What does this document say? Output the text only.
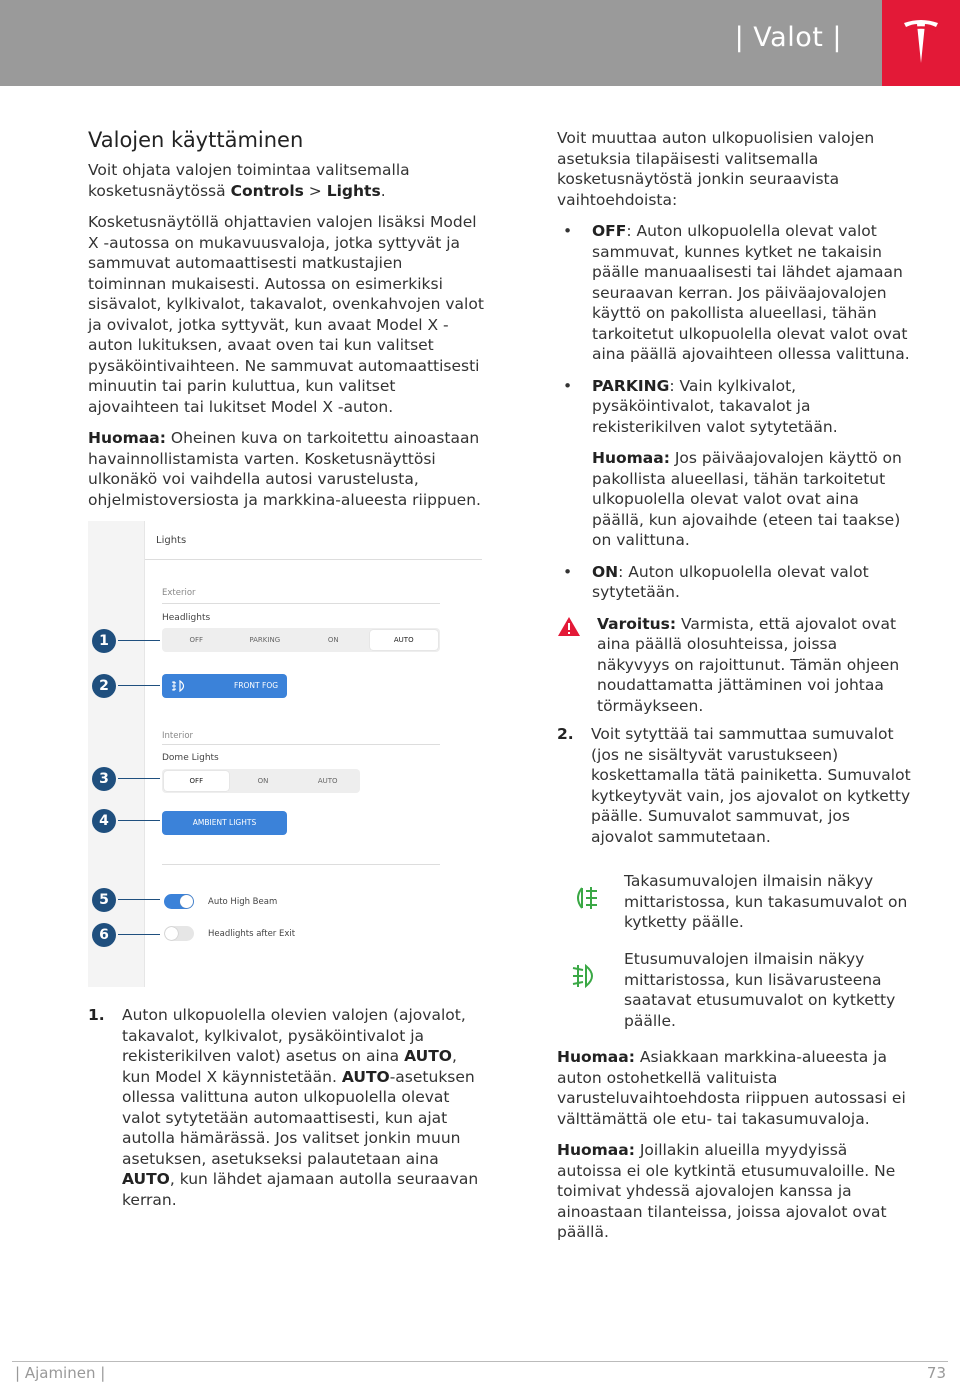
| Valot |
Valojen käyttäminen

Voit ohjata valojen toimintaa valitsemalla kosketusnäytössä Controls > Lights.

Kosketusnäytöllä ohjattavien valojen lisäksi Model X -autossa on mukavuusvaloja, jotka syttyvät ja sammuvat automaattisesti matkustajien toiminnan mukaisesti. Autossa on esimerkiksi sisävalot, kylkivalot, takavalot, ovenkahvojen valot ja ovivalot, jotka syttyvät, kun avaat Model X -auton lukituksen, avaat oven tai kun valitset pysäköintivaihteen. Ne sammuvat automaattisesti minuutin tai parin kuluttua, kun valitset ajovaihteen tai lukitset Model X -auton.

Huomaa: Oheinen kuva on tarkoitettu ainoastaan havainnollistamista varten. Kosketusnäyttösi ulkonäkö voi vaihdella autosi varustelusta, ohjelmistoversiosta ja markkina-alueesta riippuen.

Lights
Exterior
Headlights
OFF	PARKING	ON	AUTO
FRONT FOG
Interior
Dome Lights
OFF	ON	AUTO
AMBIENT LIGHTS
Auto High Beam
Headlights after Exit
1
2
3
4
5
6
1. Auton ulkopuolella olevien valojen (ajovalot, takavalot, kylkivalot, pysäköintivalot ja rekisterikilven valot) asetus on aina AUTO, kun Model X käynnistetään. AUTO-asetuksen ollessa valittuna auton ulkopuolella olevat valot sytytetään automaattisesti, kun ajat autolla hämärässä. Jos valitset jonkin muun asetuksen, asetukseksi palautetaan aina AUTO, kun lähdet ajamaan autolla seuraavan kerran.

Voit muuttaa auton ulkopuolisien valojen asetuksia tilapäisesti valitsemalla kosketusnäytöstä jonkin seuraavista vaihtoehdoista:

• OFF: Auton ulkopuolella olevat valot sammuvat, kunnes kytket ne takaisin päälle manuaalisesti tai lähdet ajamaan seuraavan kerran. Jos päiväajovalojen käyttö on pakollista alueellasi, tähän tarkoitetut ulkopuolella olevat valot ovat aina päällä ajovaihteen ollessa valittuna.
• PARKING: Vain kylkivalot, pysäköintivalot, takavalot ja rekisterikilven valot sytytetään.

Huomaa: Jos päiväajovalojen käyttö on pakollista alueellasi, tähän tarkoitetut ulkopuolella olevat valot ovat aina päällä, kun ajovaihde (eteen tai taakse) on valittuna.

• ON: Auton ulkopuolella olevat valot sytytetään.
Varoitus: Varmista, että ajovalot ovat aina päällä olosuhteissa, joissa näkyvyys on rajoittunut. Tämän ohjeen noudattamatta jättäminen voi johtaa törmäykseen.
2. Voit sytyttää tai sammuttaa sumuvalot (jos ne sisältyvät varustukseen) koskettamalla tätä painiketta. Sumuvalot kytkeytyvät vain, jos ajovalot on kytketty päälle. Sumuvalot sammuvat, jos ajovalot sammutetaan.
Takasumuvalojen ilmaisin näkyy mittaristossa, kun takasumuvalot on kytketty päälle.
Etusumuvalojen ilmaisin näkyy mittaristossa, kun lisävarusteena saatavat etusumuvalot on kytketty päälle.

Huomaa: Asiakkaan markkina-alueesta ja auton ostohetkellä valituista varusteluvaihtoehdosta riippuen autossasi ei välttämättä ole etu- tai takasumuvaloja.

Huomaa: Joillakin alueilla myydyissä autoissa ei ole kytkintä etusumuvaloille. Ne toimivat yhdessä ajovalojen kanssa ja ainoastaan tilanteissa, joissa ajovalot ovat päällä.

| Ajaminen |	73
